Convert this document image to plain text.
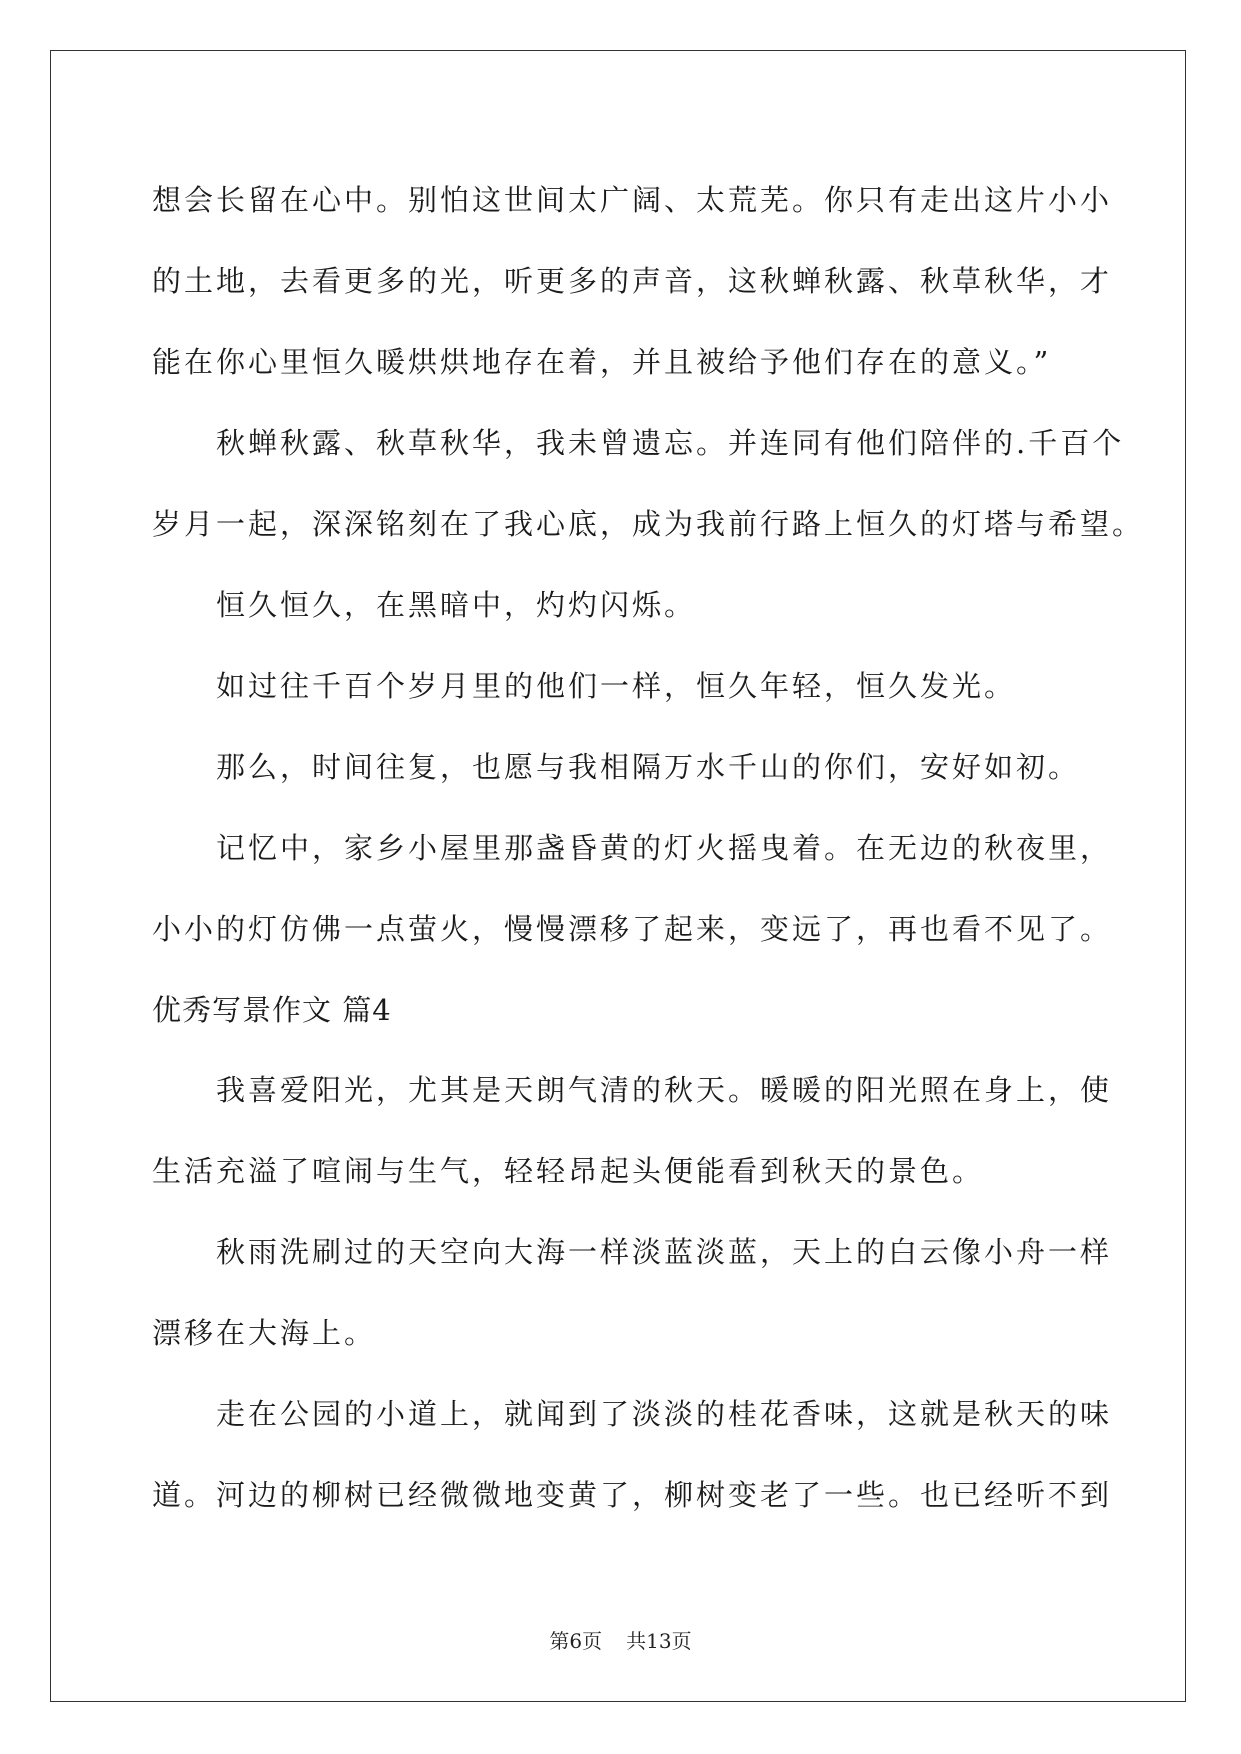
想会长留在心中。别怕这世间太广阔、太荒芜。你只有走出这片小小
的土地，去看更多的光，听更多的声音，这秋蝉秋露、秋草秋华，才
能在你心里恒久暖烘烘地存在着，并且被给予他们存在的意义。”
秋蝉秋露、秋草秋华，我未曾遗忘。并连同有他们陪伴的.千百个
岁月一起，深深铭刻在了我心底，成为我前行路上恒久的灯塔与希望。
恒久恒久，在黑暗中，灼灼闪烁。
如过往千百个岁月里的他们一样，恒久年轻，恒久发光。
那么，时间往复，也愿与我相隔万水千山的你们，安好如初。
记忆中，家乡小屋里那盏昏黄的灯火摇曳着。在无边的秋夜里，
小小的灯仿佛一点萤火，慢慢漂移了起来，变远了，再也看不见了。
优秀写景作文 篇4
我喜爱阳光，尤其是天朗气清的秋天。暖暖的阳光照在身上，使
生活充溢了喧闹与生气，轻轻昂起头便能看到秋天的景色。
秋雨洗刷过的天空向大海一样淡蓝淡蓝，天上的白云像小舟一样
漂移在大海上。
走在公园的小道上，就闻到了淡淡的桂花香味，这就是秋天的味
道。河边的柳树已经微微地变黄了，柳树变老了一些。也已经听不到
第6页 共13页
